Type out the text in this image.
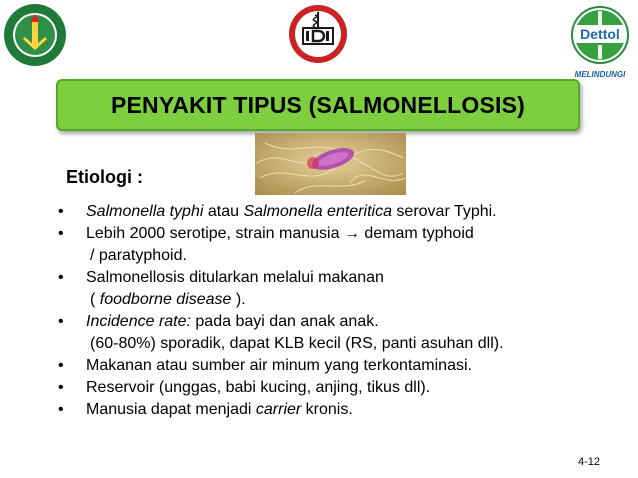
Dettol
MELINDUNGI
PENYAKIT TIPUS (SALMONELLOSIS)
Etiologi :
• Salmonella typhi atau Salmonella enteritica serovar Typhi.
• Lebih 2000 serotipe, strain manusia → demam typhoid
/ paratyphoid.
• Salmonellosis ditularkan melalui makanan
( foodborne disease ).
• Incidence rate: pada bayi dan anak anak.
(60-80%) sporadik, dapat KLB kecil (RS, panti asuhan dll).
• Makanan atau sumber air minum yang terkontaminasi.
• Reservoir (unggas, babi kucing, anjing, tikus dll).
• Manusia dapat menjadi carrier kronis.
4-12
